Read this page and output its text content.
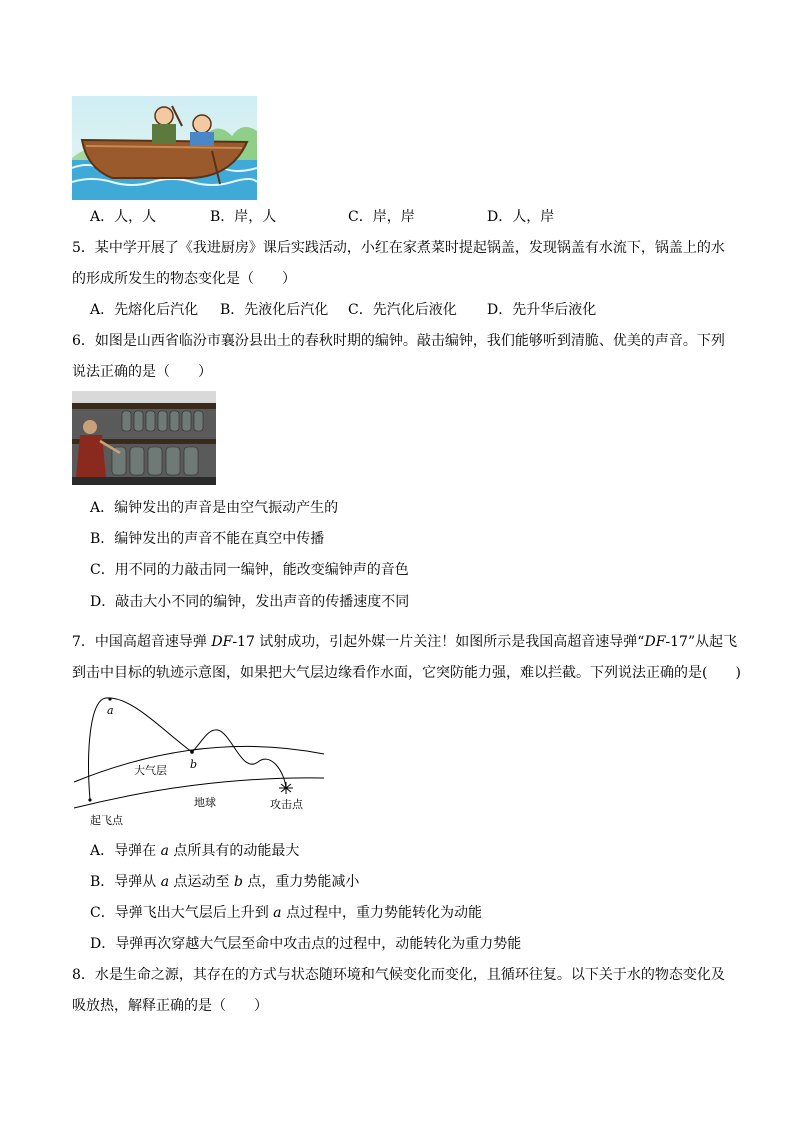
A．人，人	B．岸，人	C．岸，岸	D．人，岸
5．某中学开展了《我进厨房》课后实践活动，小红在家煮菜时提起锅盖，发现锅盖有水流下，锅盖上的水
的形成所发生的物态变化是（　　）
A．先熔化后汽化 B．先液化后汽化 C．先汽化后液化 D．先升华后液化
6．如图是山西省临汾市襄汾县出土的春秋时期的编钟。敲击编钟，我们能够听到清脆、优美的声音。下列
说法正确的是（　　）
A．编钟发出的声音是由空气振动产生的
B．编钟发出的声音不能在真空中传播
C．用不同的力敲击同一编钟，能改变编钟声的音色
D．敲击大小不同的编钟，发出声音的传播速度不同
7．中国高超音速导弹 DF-17 试射成功，引起外媒一片关注！如图所示是我国高超音速导弹“DF-17”从起飞
到击中目标的轨迹示意图，如果把大气层边缘看作水面，它突防能力强，难以拦截。下列说法正确的是(　　)
a
b
大气层
地球	攻击点
起飞点
A．导弹在 a 点所具有的动能最大
B．导弹从 a 点运动至 b 点，重力势能减小
C．导弹飞出大气层后上升到 a 点过程中，重力势能转化为动能
D．导弹再次穿越大气层至命中攻击点的过程中，动能转化为重力势能
8．水是生命之源，其存在的方式与状态随环境和气候变化而变化，且循环往复。以下关于水的物态变化及
吸放热，解释正确的是（　　）
